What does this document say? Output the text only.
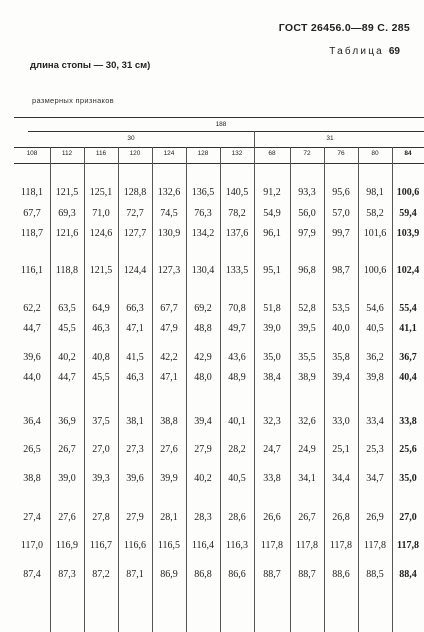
ГОСТ 26456.0—89 С. 285
Таблица 69
длина стопы — 30, 31 см)
размерных признаков
188
30	31
108	112	116	120	124	128	132	68	72	76	80	84
118,1	121,5	125,1	128,8	132,6	136,5	140,5	91,2	93,3	95,6	98,1	100,6
67,7	69,3	71,0	72,7	74,5	76,3	78,2	54,9	56,0	57,0	58,2	59,4
118,7	121,6	124,6	127,7	130,9	134,2	137,6	96,1	97,9	99,7	101,6	103,9
116,1	118,8	121,5	124,4	127,3	130,4	133,5	95,1	96,8	98,7	100,6	102,4
62,2	63,5	64,9	66,3	67,7	69,2	70,8	51,8	52,8	53,5	54,6	55,4
44,7	45,5	46,3	47,1	47,9	48,8	49,7	39,0	39,5	40,0	40,5	41,1
39,6	40,2	40,8	41,5	42,2	42,9	43,6	35,0	35,5	35,8	36,2	36,7
44,0	44,7	45,5	46,3	47,1	48,0	48,9	38,4	38,9	39,4	39,8	40,4
36,4	36,9	37,5	38,1	38,8	39,4	40,1	32,3	32,6	33,0	33,4	33,8
26,5	26,7	27,0	27,3	27,6	27,9	28,2	24,7	24,9	25,1	25,3	25,6
38,8	39,0	39,3	39,6	39,9	40,2	40,5	33,8	34,1	34,4	34,7	35,0
27,4	27,6	27,8	27,9	28,1	28,3	28,6	26,6	26,7	26,8	26,9	27,0
117,0	116,9	116,7	116,6	116,5	116,4	116,3	117,8	117,8	117,8	117,8	117,8
87,4	87,3	87,2	87,1	86,9	86,8	86,6	88,7	88,7	88,6	88,5	88,4
